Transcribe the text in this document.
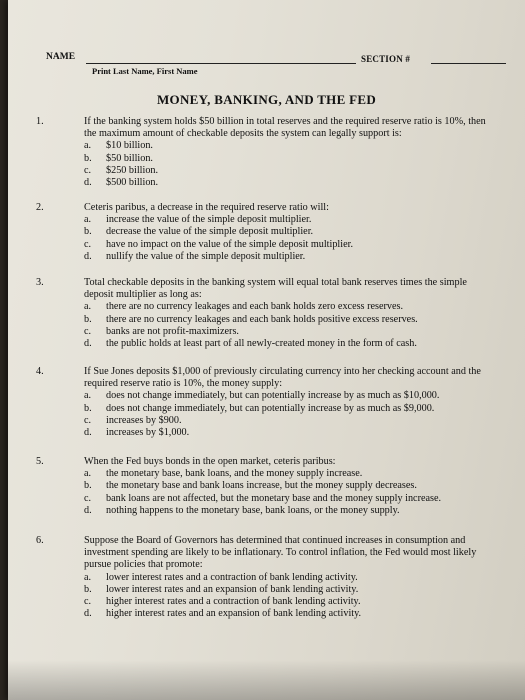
NAME	SECTION #
Print Last Name, First Name
MONEY, BANKING, AND THE FED
1.	If the banking system holds $50 billion in total reserves and the required reserve ratio is 10%, then the maximum amount of checkable deposits the system can legally support is:
a. $10 billion.
b. $50 billion.
c. $250 billion.
d. $500 billion.
2.	Ceteris paribus, a decrease in the required reserve ratio will:
a. increase the value of the simple deposit multiplier.
b. decrease the value of the simple deposit multiplier.
c. have no impact on the value of the simple deposit multiplier.
d. nullify the value of the simple deposit multiplier.
3.	Total checkable deposits in the banking system will equal total bank reserves times the simple deposit multiplier as long as:
a. there are no currency leakages and each bank holds zero excess reserves.
b. there are no currency leakages and each bank holds positive excess reserves.
c. banks are not profit-maximizers.
d. the public holds at least part of all newly-created money in the form of cash.
4.	If Sue Jones deposits $1,000 of previously circulating currency into her checking account and the required reserve ratio is 10%, the money supply:
a. does not change immediately, but can potentially increase by as much as $10,000.
b. does not change immediately, but can potentially increase by as much as $9,000.
c. increases by $900.
d. increases by $1,000.
5.	When the Fed buys bonds in the open market, ceteris paribus:
a. the monetary base, bank loans, and the money supply increase.
b. the monetary base and bank loans increase, but the money supply decreases.
c. bank loans are not affected, but the monetary base and the money supply increase.
d. nothing happens to the monetary base, bank loans, or the money supply.
6.	Suppose the Board of Governors has determined that continued increases in consumption and investment spending are likely to be inflationary. To control inflation, the Fed would most likely pursue policies that promote:
a. lower interest rates and a contraction of bank lending activity.
b. lower interest rates and an expansion of bank lending activity.
c. higher interest rates and a contraction of bank lending activity.
d. higher interest rates and an expansion of bank lending activity.
